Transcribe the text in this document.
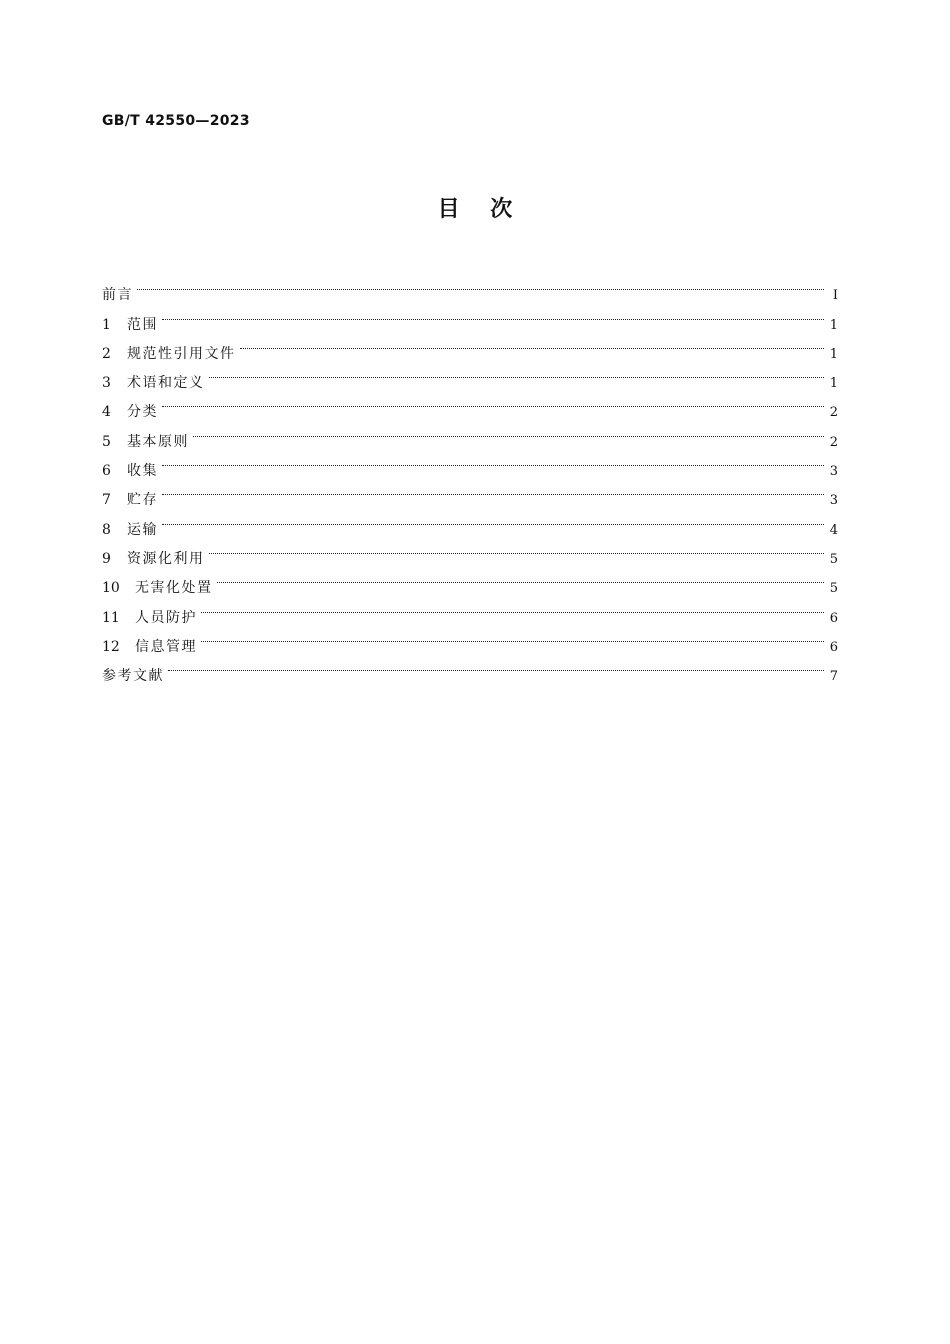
GB/T 42550—2023
目    次
前言	Ⅰ
1	范围	1
2	规范性引用文件	1
3	术语和定义	1
4	分类	2
5	基本原则	2
6	收集	3
7	贮存	3
8	运输	4
9	资源化利用	5
10	无害化处置	5
11	人员防护	6
12	信息管理	6
参考文献	7
